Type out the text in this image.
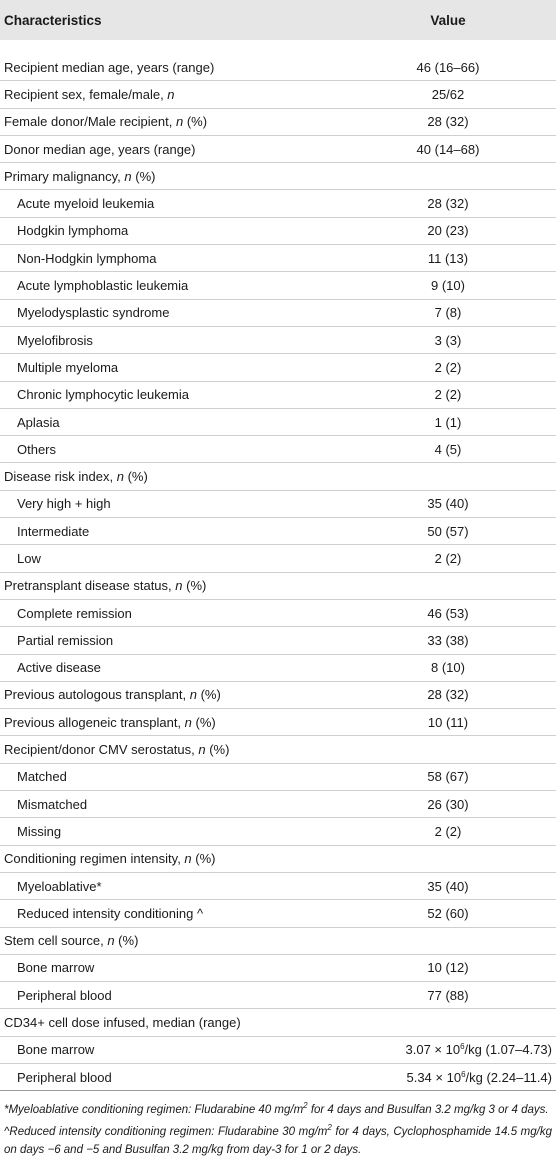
Characteristics	Value

Recipient median age, years (range)	46 (16–66)
Recipient sex, female/male, n	25/62
Female donor/Male recipient, n (%)	28 (32)
Donor median age, years (range)	40 (14–68)
Primary malignancy, n (%)	
Acute myeloid leukemia	28 (32)
Hodgkin lymphoma	20 (23)
Non-Hodgkin lymphoma	11 (13)
Acute lymphoblastic leukemia	9 (10)
Myelodysplastic syndrome	7 (8)
Myelofibrosis	3 (3)
Multiple myeloma	2 (2)
Chronic lymphocytic leukemia	2 (2)
Aplasia	1 (1)
Others	4 (5)
Disease risk index, n (%)	
Very high + high	35 (40)
Intermediate	50 (57)
Low	2 (2)
Pretransplant disease status, n (%)	
Complete remission	46 (53)
Partial remission	33 (38)
Active disease	8 (10)
Previous autologous transplant, n (%)	28 (32)
Previous allogeneic transplant, n (%)	10 (11)
Recipient/donor CMV serostatus, n (%)	
Matched	58 (67)
Mismatched	26 (30)
Missing	2 (2)
Conditioning regimen intensity, n (%)	
Myeloablative*	35 (40)
Reduced intensity conditioning ^	52 (60)
Stem cell source, n (%)	
Bone marrow	10 (12)
Peripheral blood	77 (88)
CD34+ cell dose infused, median (range)	
Bone marrow	$3.07 \times 10^6/kg$ (1.07–4.73)
Peripheral blood	$5.34 \times 10^6/kg$ (2.24–11.4)
*Myeloablative conditioning regimen: Fludarabine 40 $mg/m^2$ for 4 days and Busulfan 3.2 mg/kg 3 or 4 days.
^Reduced intensity conditioning regimen: Fludarabine 30 $mg/m^2$ for 4 days, Cyclophosphamide 14.5 mg/kg on days −6 and −5 and Busulfan 3.2 mg/kg from day-3 for 1 or 2 days.
